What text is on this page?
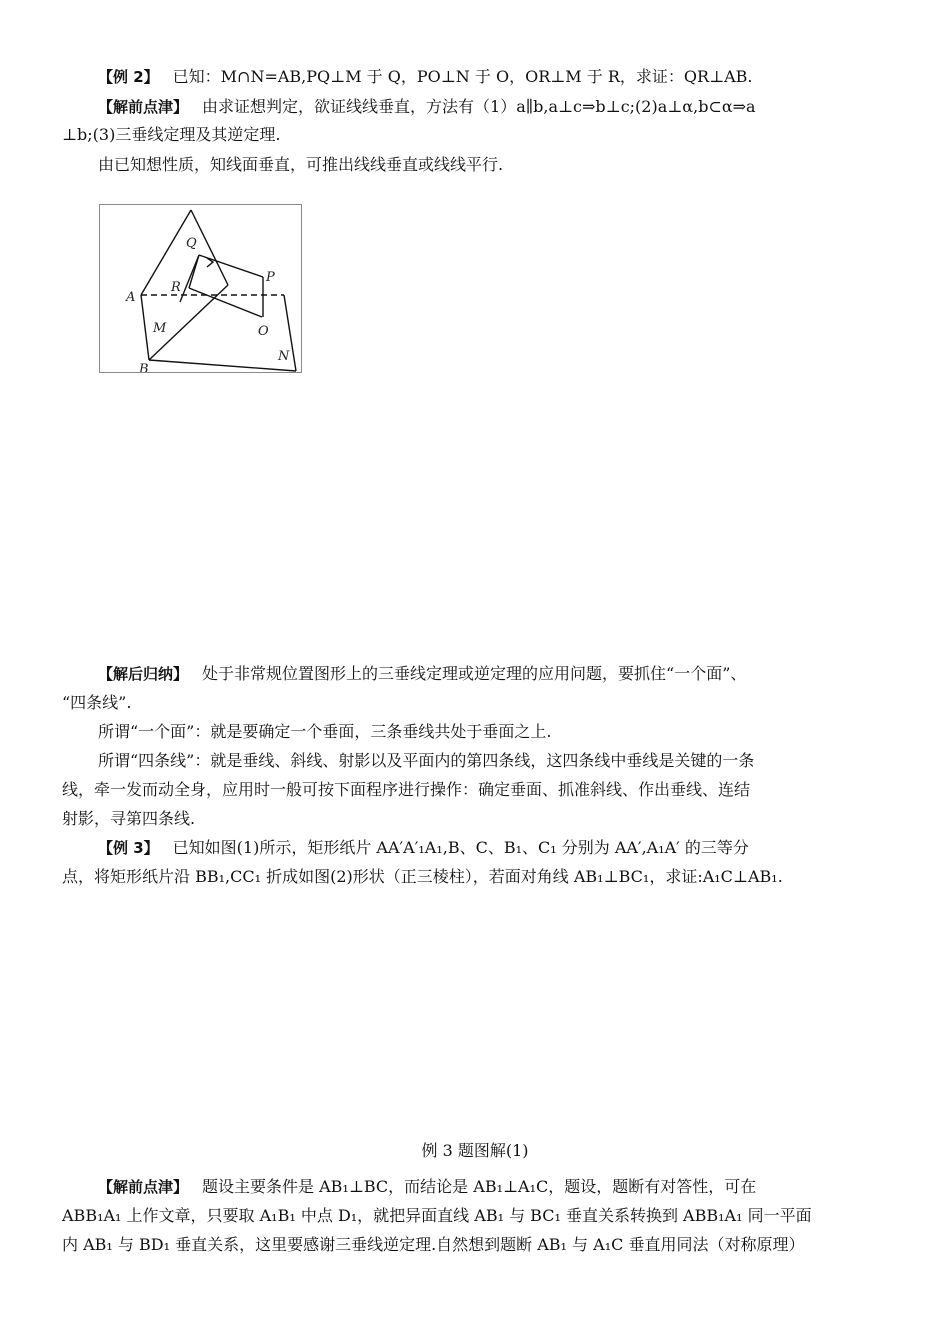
【例 2】 已知：M∩N=AB,PQ⊥M 于 Q，PO⊥N 于 O，OR⊥M 于 R，求证：QR⊥AB.
【解前点津】 由求证想判定，欲证线线垂直，方法有（1）a∥b,a⊥c⇒b⊥c;(2)a⊥α,b⊂α⇒a
⊥b;(3)三垂线定理及其逆定理.
由已知想性质，知线面垂直，可推出线线垂直或线线平行.
A
B
M
N
Q
R
P
O
【解后归纳】 处于非常规位置图形上的三垂线定理或逆定理的应用问题，要抓住“一个面”、
“四条线”.
所谓“一个面”：就是要确定一个垂面，三条垂线共处于垂面之上.
所谓“四条线”：就是垂线、斜线、射影以及平面内的第四条线，这四条线中垂线是关键的一条
线，牵一发而动全身，应用时一般可按下面程序进行操作：确定垂面、抓准斜线、作出垂线、连结
射影，寻第四条线.
【例 3】 已知如图(1)所示，矩形纸片 AA′A′₁A₁,B、C、B₁、C₁ 分别为 AA′,A₁A′ 的三等分
点，将矩形纸片沿 BB₁,CC₁ 折成如图(2)形状（正三棱柱），若面对角线 AB₁⊥BC₁，求证:A₁C⊥AB₁.
例 3 题图解(1)
【解前点津】 题设主要条件是 AB₁⊥BC，而结论是 AB₁⊥A₁C，题设，题断有对答性，可在
ABB₁A₁ 上作文章，只要取 A₁B₁ 中点 D₁，就把异面直线 AB₁ 与 BC₁ 垂直关系转换到 ABB₁A₁ 同一平面
内 AB₁ 与 BD₁ 垂直关系，这里要感谢三垂线逆定理.自然想到题断 AB₁ 与 A₁C 垂直用同法（对称原理）
